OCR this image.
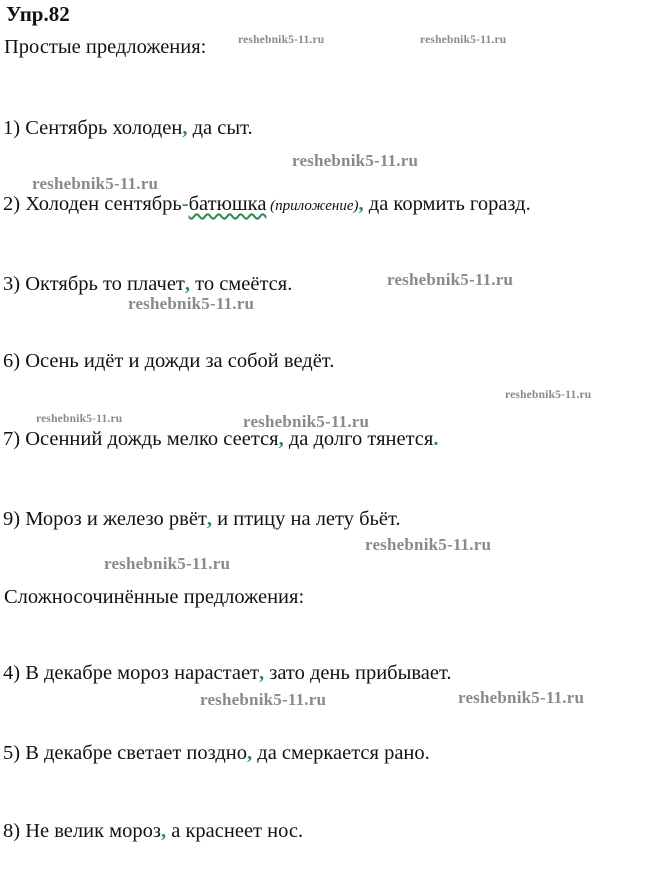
Упр.82
Простые предложения:
1) Сентябрь холоден, да сыт.
2) Холоден сентябрь-батюшка (приложение), да кормить горазд.
3) Октябрь то плачет, то смеётся.
6) Осень идёт и дожди за собой ведёт.
7) Осенний дождь мелко сеется, да долго тянется.
9) Мороз и железо рвёт, и птицу на лету бьёт.
Сложносочинённые предложения:
4) В декабре мороз нарастает, зато день прибывает.
5) В декабре светает поздно, да смеркается рано.
8) Не велик мороз, а краснеет нос.
reshebnik5-11.ru	reshebnik5-11.ru
reshebnik5-11.ru
reshebnik5-11.ru
reshebnik5-11.ru
reshebnik5-11.ru
reshebnik5-11.ru
reshebnik5-11.ru	reshebnik5-11.ru
reshebnik5-11.ru
reshebnik5-11.ru
reshebnik5-11.ru
reshebnik5-11.ru
